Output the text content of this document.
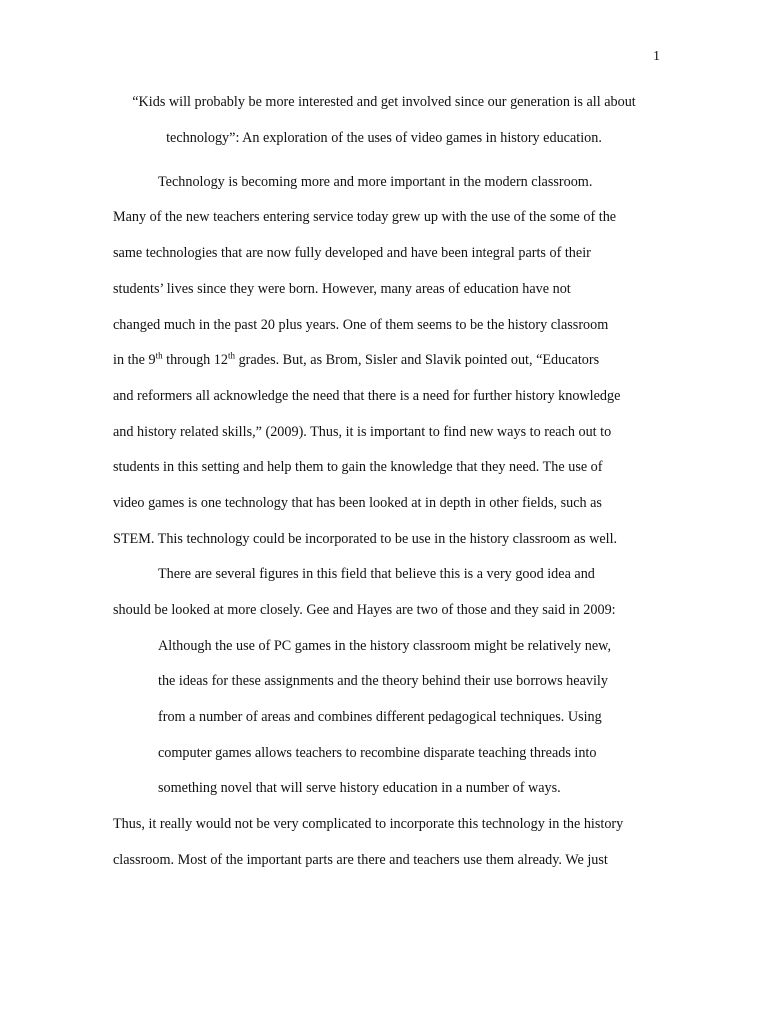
1
“Kids will probably be more interested and get involved since our generation is all about
technology”: An exploration of the uses of video games in history education.
Technology is becoming more and more important in the modern classroom.
Many of the new teachers entering service today grew up with the use of the some of the
same technologies that are now fully developed and have been integral parts of their
students’ lives since they were born. However, many areas of education have not
changed much in the past 20 plus years. One of them seems to be the history classroom
in the 9th through 12th grades. But, as Brom, Sisler and Slavik pointed out, “Educators
and reformers all acknowledge the need that there is a need for further history knowledge
and history related skills,” (2009). Thus, it is important to find new ways to reach out to
students in this setting and help them to gain the knowledge that they need. The use of
video games is one technology that has been looked at in depth in other fields, such as
STEM. This technology could be incorporated to be use in the history classroom as well.
There are several figures in this field that believe this is a very good idea and
should be looked at more closely. Gee and Hayes are two of those and they said in 2009:
Although the use of PC games in the history classroom might be relatively new,
the ideas for these assignments and the theory behind their use borrows heavily
from a number of areas and combines different pedagogical techniques. Using
computer games allows teachers to recombine disparate teaching threads into
something novel that will serve history education in a number of ways.
Thus, it really would not be very complicated to incorporate this technology in the history
classroom. Most of the important parts are there and teachers use them already. We just
